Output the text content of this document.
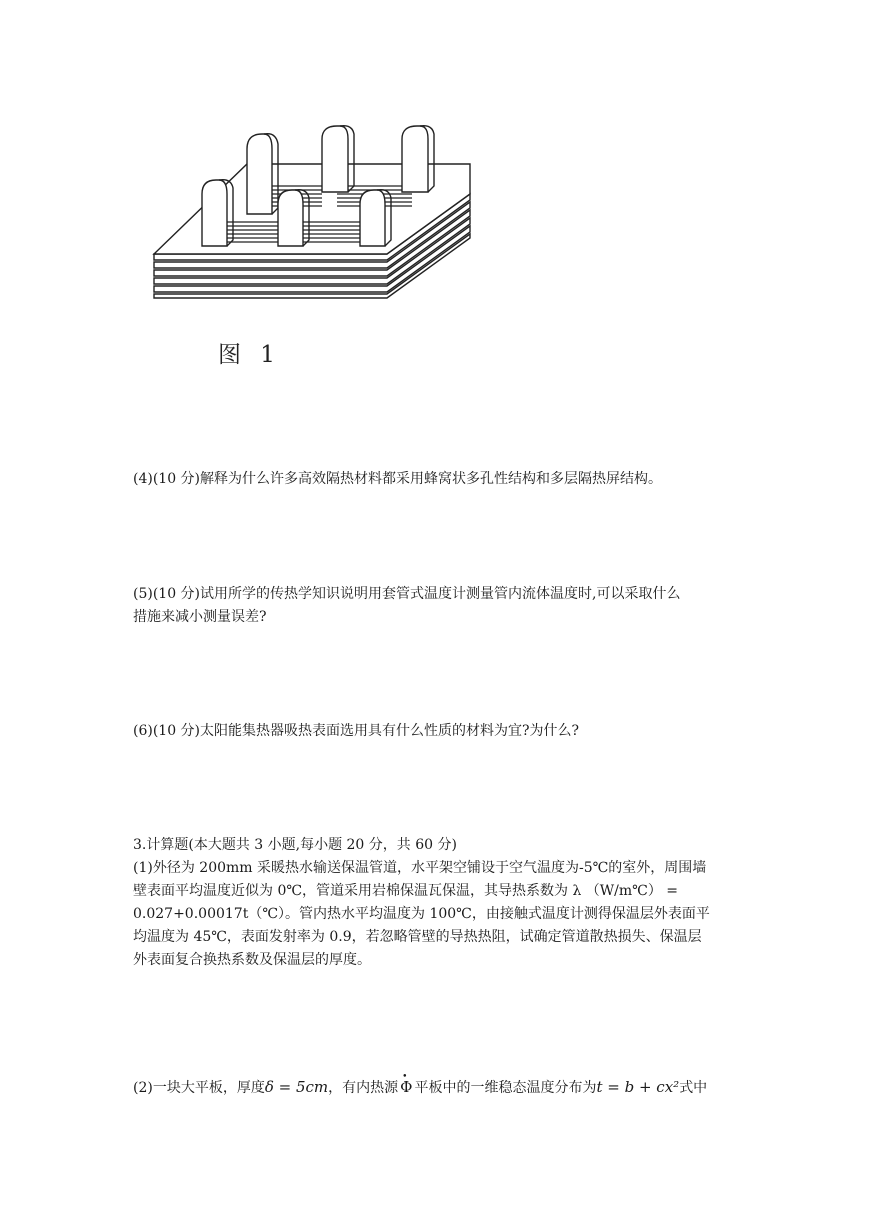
图 1

(4)(10 分)解释为什么许多高效隔热材料都采用蜂窝状多孔性结构和多层隔热屏结构。

(5)(10 分)试用所学的传热学知识说明用套管式温度计测量管内流体温度时,可以采取什么
措施来减小测量误差?

(6)(10 分)太阳能集热器吸热表面选用具有什么性质的材料为宜?为什么?

3.计算题(本大题共 3 小题,每小题 20 分，共 60 分)
(1)外径为 200mm 采暖热水输送保温管道，水平架空铺设于空气温度为-5℃的室外，周围墙
壁表面平均温度近似为 0℃，管道采用岩棉保温瓦保温，其导热系数为 λ （W/m℃） =
0.027+0.00017t（℃）。管内热水平均温度为 100℃，由接触式温度计测得保温层外表面平
均温度为 45℃，表面发射率为 0.9，若忽略管壁的导热热阻，试确定管道散热损失、保温层
外表面复合换热系数及保温层的厚度。

(2)一块大平板，厚度δ = 5cm，有内热源• Φ 平板中的一维稳态温度分布为t = b + cx²式中
